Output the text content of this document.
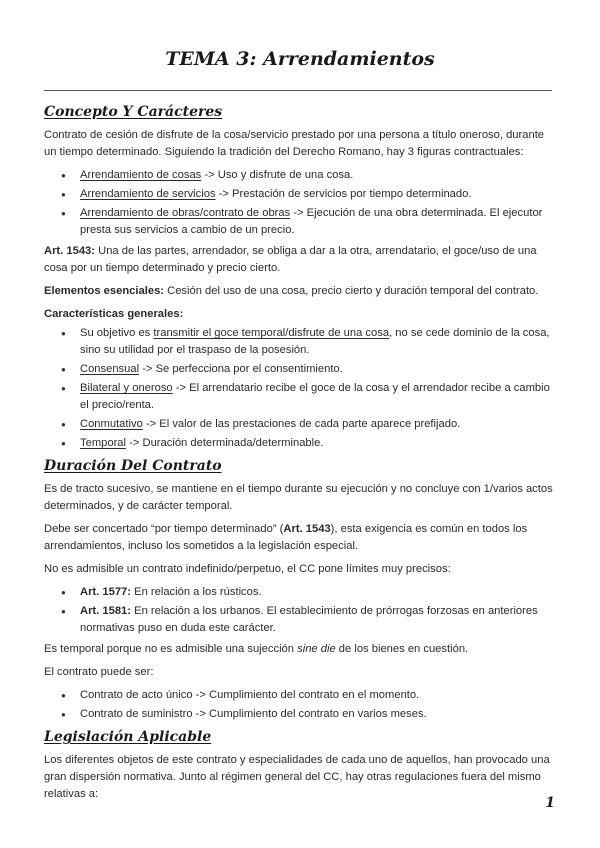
TEMA 3: Arrendamientos
Concepto Y Carácteres

Contrato de cesión de disfrute de la cosa/servicio prestado por una persona a título oneroso, durante un tiempo determinado. Siguiendo la tradición del Derecho Romano, hay 3 figuras contractuales:

● Arrendamiento de cosas -> Uso y disfrute de una cosa.
● Arrendamiento de servicios -> Prestación de servicios por tiempo determinado.
● Arrendamiento de obras/contrato de obras -> Ejecución de una obra determinada. El ejecutor presta sus servicios a cambio de un precio.

Art. 1543: Una de las partes, arrendador, se obliga a dar a la otra, arrendatario, el goce/uso de una cosa por un tiempo determinado y precio cierto.

Elementos esenciales: Cesión del uso de una cosa, precio cierto y duración temporal del contrato.

Características generales:

● Su objetivo es transmitir el goce temporal/disfrute de una cosa, no se cede dominio de la cosa, sino su utilidad por el traspaso de la posesión.
● Consensual -> Se perfecciona por el consentimiento.
● Bilateral y oneroso -> El arrendatario recibe el goce de la cosa y el arrendador recibe a cambio el precio/renta.
● Conmutativo -> El valor de las prestaciones de cada parte aparece prefijado.
● Temporal -> Duración determinada/determinable.
Duración Del Contrato

Es de tracto sucesivo, se mantiene en el tiempo durante su ejecución y no concluye con 1/varios actos determinados, y de carácter temporal.

Debe ser concertado “por tiempo determinado” (Art. 1543), esta exigencia es común en todos los arrendamientos, incluso los sometidos a la legislación especial.

No es admisible un contrato indefinido/perpetuo, el CC pone límites muy precisos:

● Art. 1577: En relación a los rústicos.
● Art. 1581: En relación a los urbanos. El establecimiento de prórrogas forzosas en anteriores normativas puso en duda este carácter.

Es temporal porque no es admisible una sujección sine die de los bienes en cuestión.

El contrato puede ser:

● Contrato de acto único -> Cumplimiento del contrato en el momento.
● Contrato de suministro -> Cumplimiento del contrato en varios meses.
Legislación Aplicable

Los diferentes objetos de este contrato y especialidades de cada uno de aquellos, han provocado una gran dispersión normativa. Junto al régimen general del CC, hay otras regulaciones fuera del mismo relativas a:

1
